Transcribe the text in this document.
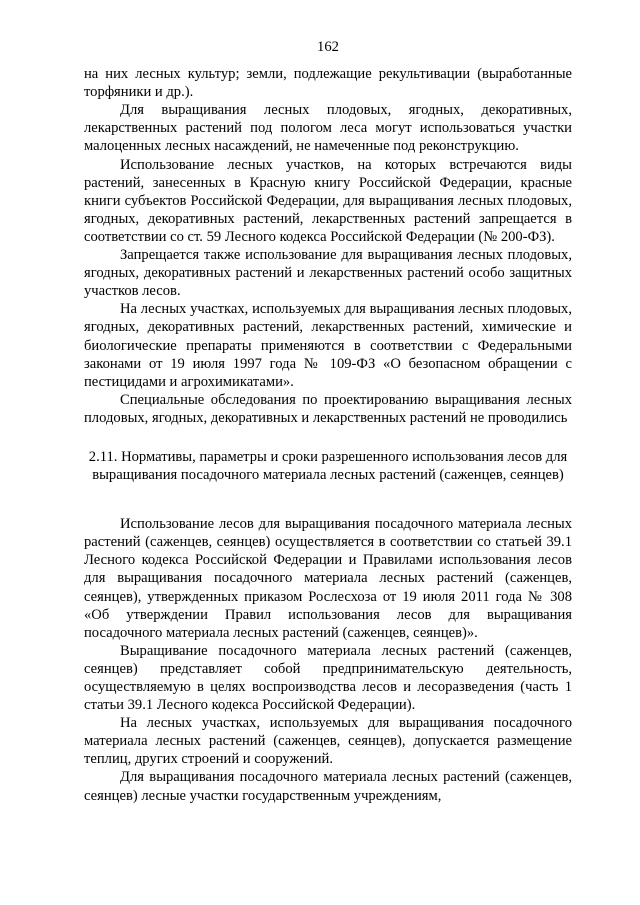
162

на них лесных культур; земли, подлежащие рекультивации (выработанные торфяники и др.).

Для выращивания лесных плодовых, ягодных, декоративных, лекарственных растений под пологом леса могут использоваться участки малоценных лесных насаждений, не намеченные под реконструкцию.

Использование лесных участков, на которых встречаются виды растений, занесенных в Красную книгу Российской Федерации, красные книги субъектов Российской Федерации, для выращивания лесных плодовых, ягодных, декоративных растений, лекарственных растений запрещается в соответствии со ст. 59 Лесного кодекса Российской Федерации (№ 200-ФЗ).

Запрещается также использование для выращивания лесных плодовых, ягодных, декоративных растений и лекарственных растений особо защитных участков лесов.

На лесных участках, используемых для выращивания лесных плодовых, ягодных, декоративных растений, лекарственных растений, химические и биологические препараты применяются в соответствии с Федеральными законами от 19 июля 1997 года № 109-ФЗ «О безопасном обращении с пестицидами и агрохимикатами».

Специальные обследования по проектированию выращивания лесных плодовых, ягодных, декоративных и лекарственных растений не проводились

2.11. Нормативы, параметры и сроки разрешенного использования лесов для выращивания посадочного материала лесных растений (саженцев, сеянцев)

Использование лесов для выращивания посадочного материала лесных растений (саженцев, сеянцев) осуществляется в соответствии со статьей 39.1 Лесного кодекса Российской Федерации и Правилами использования лесов для выращивания посадочного материала лесных растений (саженцев, сеянцев), утвержденных приказом Рослесхоза от 19 июля 2011 года № 308 «Об утверждении Правил использования лесов для выращивания посадочного материала лесных растений (саженцев, сеянцев)».

Выращивание посадочного материала лесных растений (саженцев, сеянцев) представляет собой предпринимательскую деятельность, осуществляемую в целях воспроизводства лесов и лесоразведения (часть 1 статьи 39.1 Лесного кодекса Российской Федерации).

На лесных участках, используемых для выращивания посадочного материала лесных растений (саженцев, сеянцев), допускается размещение теплиц, других строений и сооружений.

Для выращивания посадочного материала лесных растений (саженцев, сеянцев) лесные участки государственным учреждениям,
